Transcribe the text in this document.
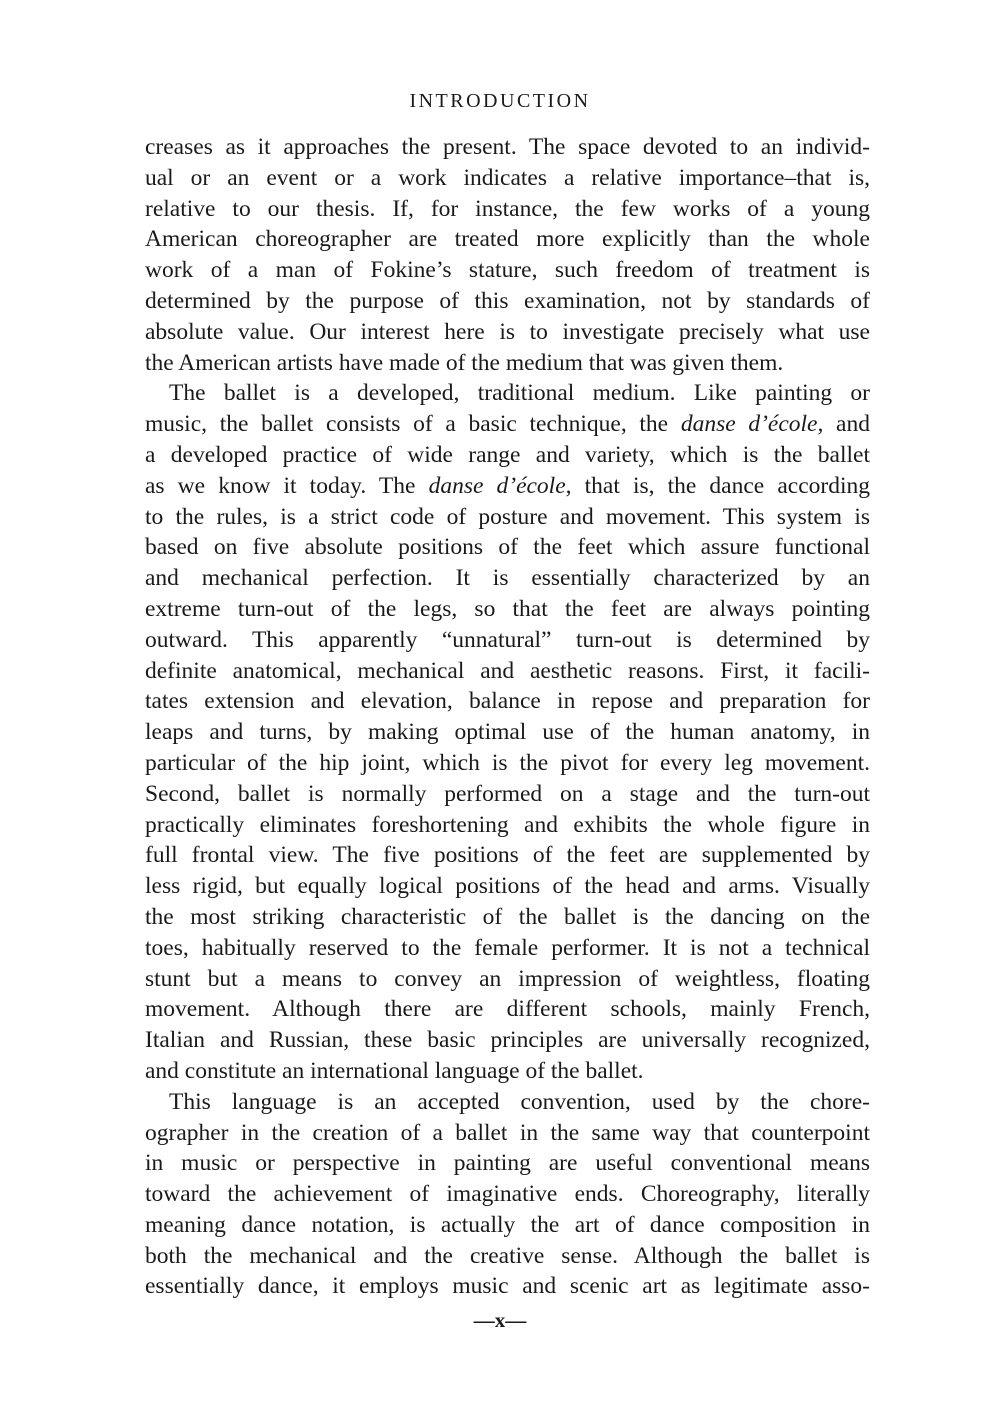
INTRODUCTION
creases as it approaches the present. The space devoted to an individ-
ual or an event or a work indicates a relative importance–that is,
relative to our thesis. If, for instance, the few works of a young
American choreographer are treated more explicitly than the whole
work of a man of Fokine’s stature, such freedom of treatment is
determined by the purpose of this examination, not by standards of
absolute value. Our interest here is to investigate precisely what use
the American artists have made of the medium that was given them.
The ballet is a developed, traditional medium. Like painting or
music, the ballet consists of a basic technique, the danse d’école, and
a developed practice of wide range and variety, which is the ballet
as we know it today. The danse d’école, that is, the dance according
to the rules, is a strict code of posture and movement. This system is
based on five absolute positions of the feet which assure functional
and mechanical perfection. It is essentially characterized by an
extreme turn-out of the legs, so that the feet are always pointing
outward. This apparently “unnatural” turn-out is determined by
definite anatomical, mechanical and aesthetic reasons. First, it facili-
tates extension and elevation, balance in repose and preparation for
leaps and turns, by making optimal use of the human anatomy, in
particular of the hip joint, which is the pivot for every leg movement.
Second, ballet is normally performed on a stage and the turn-out
practically eliminates foreshortening and exhibits the whole figure in
full frontal view. The five positions of the feet are supplemented by
less rigid, but equally logical positions of the head and arms. Visually
the most striking characteristic of the ballet is the dancing on the
toes, habitually reserved to the female performer. It is not a technical
stunt but a means to convey an impression of weightless, floating
movement. Although there are different schools, mainly French,
Italian and Russian, these basic principles are universally recognized,
and constitute an international language of the ballet.
This language is an accepted convention, used by the chore-
ographer in the creation of a ballet in the same way that counterpoint
in music or perspective in painting are useful conventional means
toward the achievement of imaginative ends. Choreography, literally
meaning dance notation, is actually the art of dance composition in
both the mechanical and the creative sense. Although the ballet is
essentially dance, it employs music and scenic art as legitimate asso-
—x—
